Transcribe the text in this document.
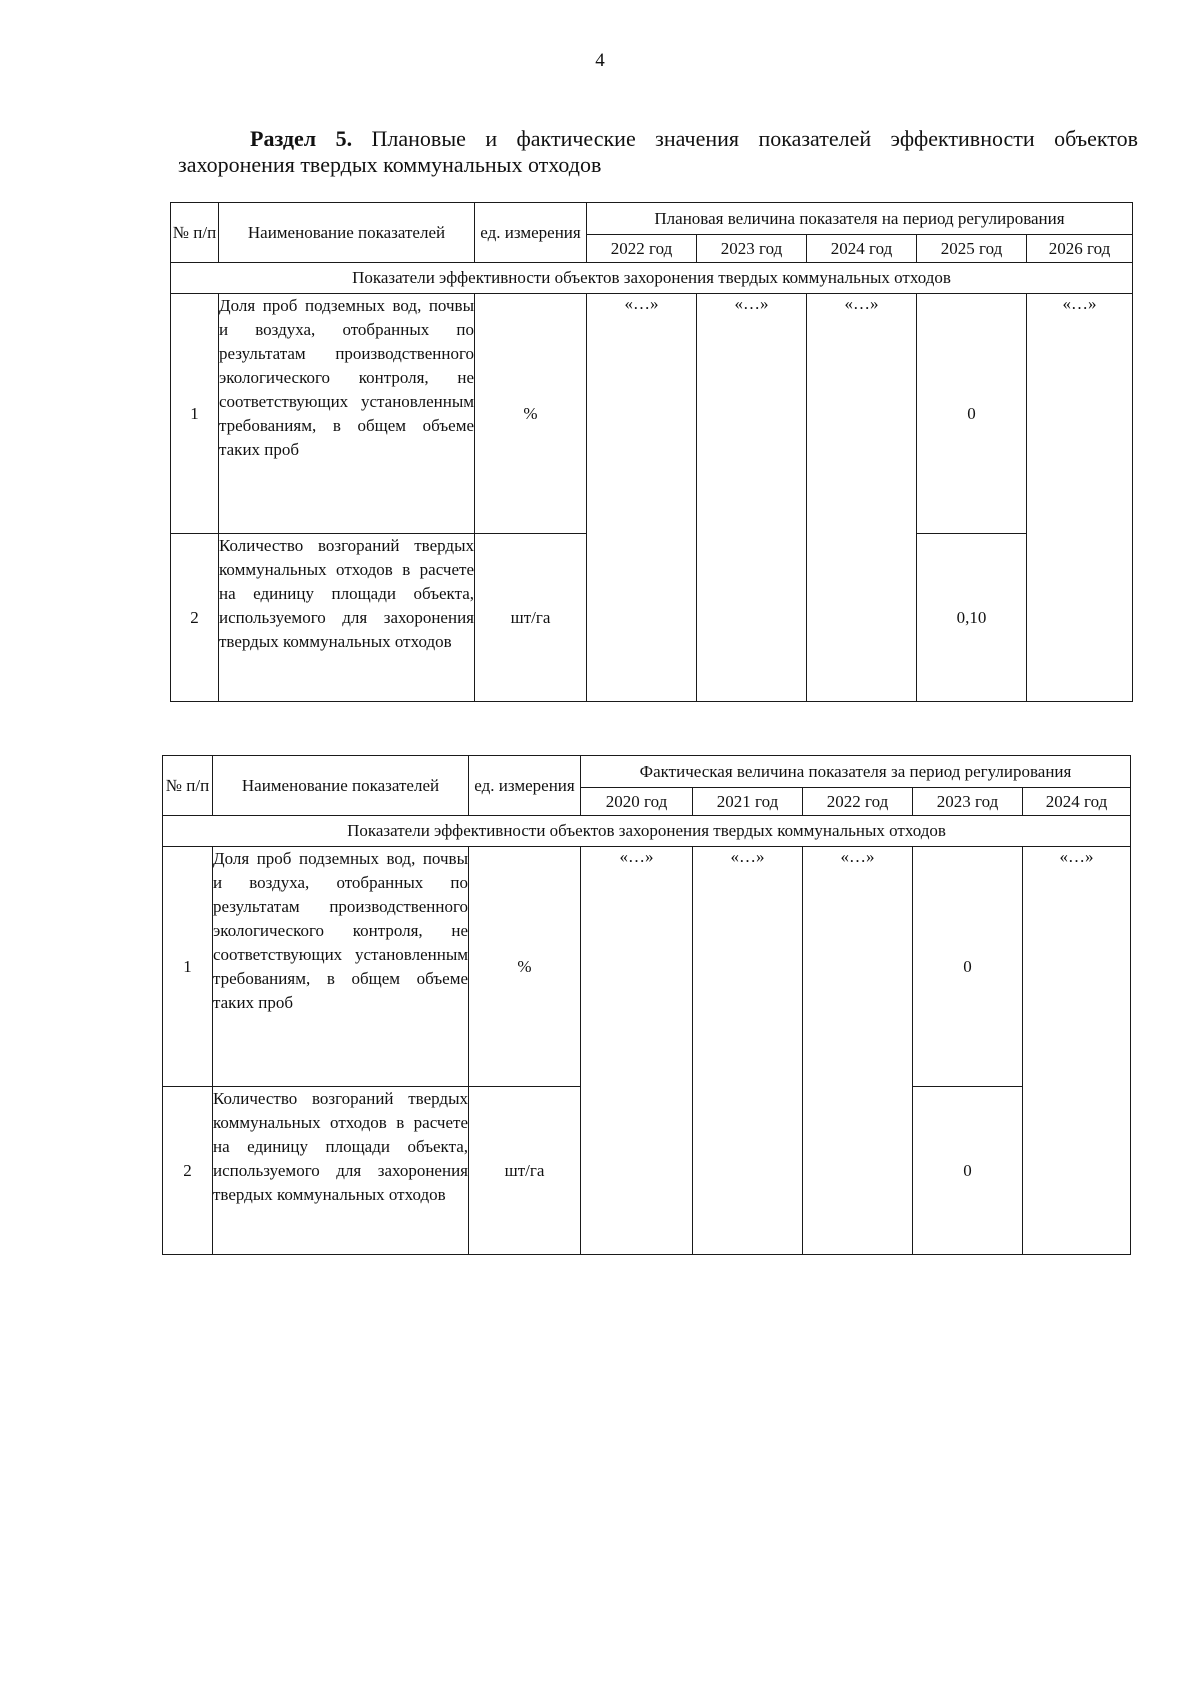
4
Раздел 5. Плановые и фактические значения показателей эффективности объектов
захоронения твердых коммунальных отходов
№ п/п	Наименование показателей	ед. измерения	Плановая величина показателя на период регулирования				
			2022 год	2023 год	2024 год	2025 год	2026 год
Показатели эффективности объектов захоронения твердых коммунальных отходов							
1	Доля проб подземных вод, почвы и воздуха, отобранных по результатам производственного экологического контроля, не соответствующих установленным требованиям, в общем объеме таких проб	%	«…»	«…»	«…»	0	«…»
2	Количество возгораний твердых коммунальных отходов в расчете на единицу площади объекта, используемого для захоронения твердых коммунальных отходов	шт/га				0,10	
№ п/п	Наименование показателей	ед. измерения	Фактическая величина показателя за период регулирования				
			2020 год	2021 год	2022 год	2023 год	2024 год
Показатели эффективности объектов захоронения твердых коммунальных отходов							
1	Доля проб подземных вод, почвы и воздуха, отобранных по результатам производственного экологического контроля, не соответствующих установленным требованиям, в общем объеме таких проб	%	«…»	«…»	«…»	0	«…»
2	Количество возгораний твердых коммунальных отходов в расчете на единицу площади объекта, используемого для захоронения твердых коммунальных отходов	шт/га				0	
